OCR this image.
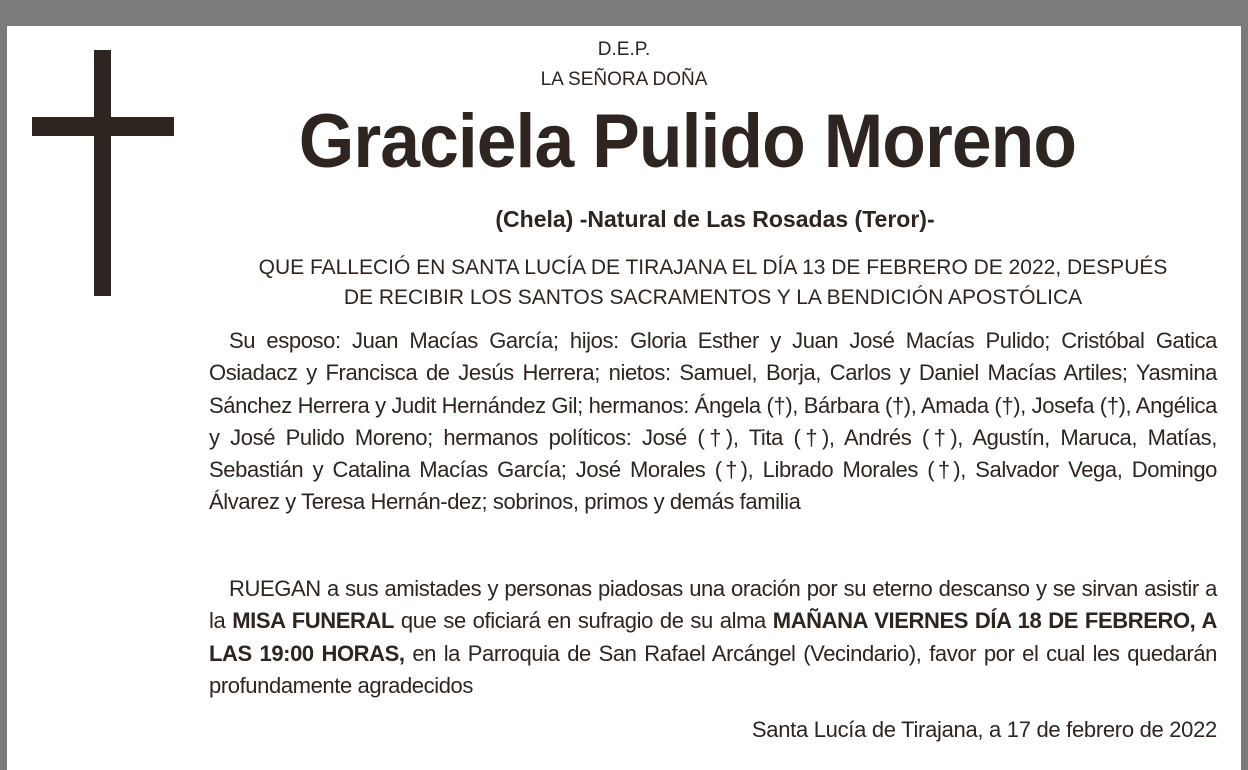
D.E.P.
LA SEÑORA DOÑA
Graciela Pulido Moreno
(Chela) -Natural de Las Rosadas (Teror)-
QUE FALLECIÓ EN SANTA LUCÍA DE TIRAJANA EL DÍA 13 DE FEBRERO DE 2022, DESPUÉS
DE RECIBIR LOS SANTOS SACRAMENTOS Y LA BENDICIÓN APOSTÓLICA

Su esposo: Juan Macías García; hijos: Gloria Esther y Juan José Macías Pulido; Cristóbal Gatica Osiadacz y Francisca de Jesús Herrera; nietos: Samuel, Borja, Carlos y Daniel Macías Artiles; Yasmina Sánchez Herrera y Judit Hernández Gil; hermanos: Ángela (†), Bárbara (†), Amada (†), Josefa (†), Angélica y José Pulido Moreno; hermanos políticos: José (†), Tita (†), Andrés (†), Agustín, Maruca, Matías, Sebastián y Catalina Macías García; José Morales (†), Librado Morales (†), Salvador Vega, Domingo Álvarez y Teresa Hernán-dez; sobrinos, primos y demás familia

RUEGAN a sus amistades y personas piadosas una oración por su eterno descanso y se sirvan asistir a la MISA FUNERAL que se oficiará en sufragio de su alma MAÑANA VIERNES DÍA 18 DE FEBRERO, A LAS 19:00 HORAS, en la Parroquia de San Rafael Arcángel (Vecindario), favor por el cual les quedarán profundamente agradecidos

Santa Lucía de Tirajana, a 17 de febrero de 2022
